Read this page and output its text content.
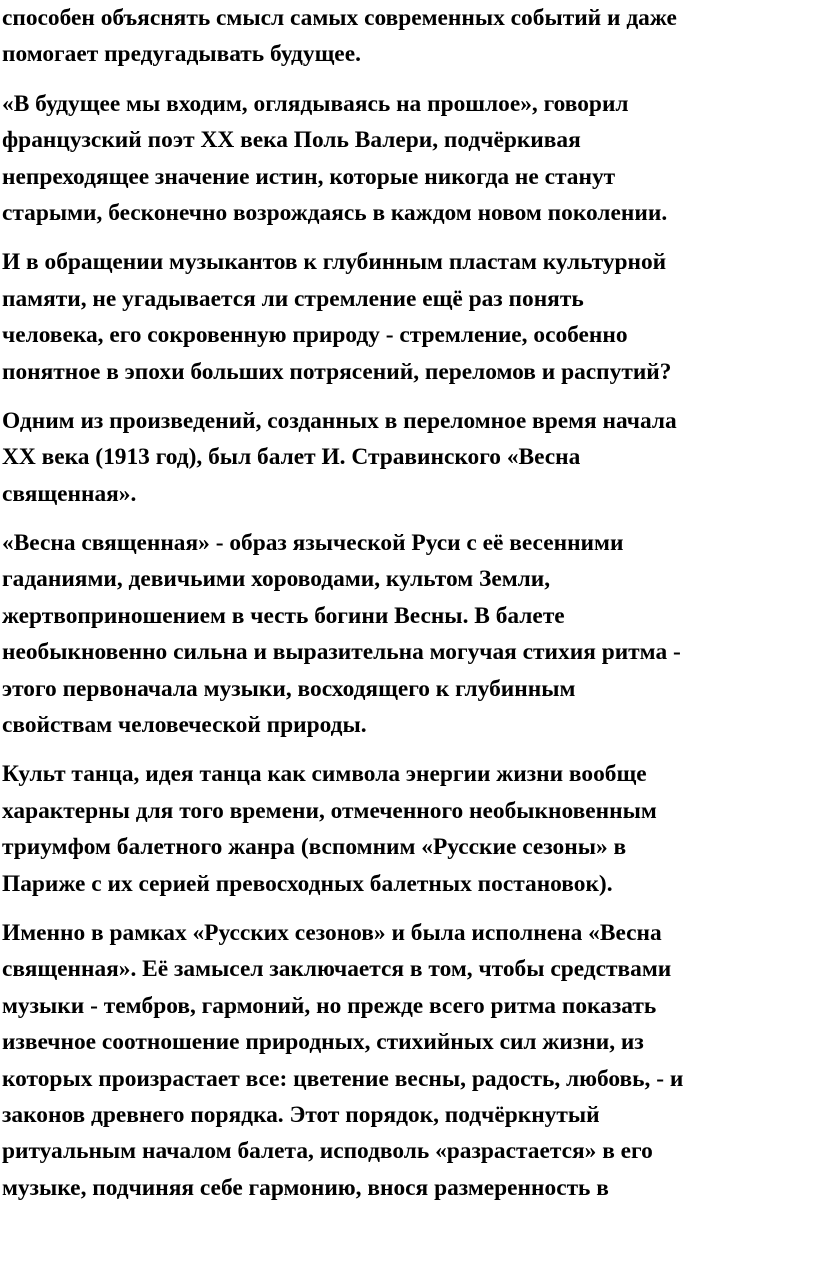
способен объяснять смысл самых современных событий и даже
помогает предугадывать будущее.

«В будущее мы входим, оглядываясь на прошлое», говорил
французский поэт XX века Поль Валери, подчёркивая
непреходящее значение истин, которые никогда не станут
старыми, бесконечно возрождаясь в каждом новом поколении.

И в обращении музыкантов к глубинным пластам культурной
памяти, не угадывается ли стремление ещё раз понять
человека, его сокровенную природу - стремление, особенно
понятное в эпохи больших потрясений, переломов и распутий?

Одним из произведений, созданных в переломное время начала
XX века (1913 год), был балет И. Стравинского «Весна
священная».

«Весна священная» - образ языческой Руси с её весенними
гаданиями, девичьими хороводами, культом Земли,
жертвоприношением в честь богини Весны. В балете
необыкновенно сильна и выразительна могучая стихия ритма -
этого первоначала музыки, восходящего к глубинным
свойствам человеческой природы.

Культ танца, идея танца как символа энергии жизни вообще
характерны для того времени, отмеченного необыкновенным
триумфом балетного жанра (вспомним «Русские сезоны» в
Париже с их серией превосходных балетных постановок).

Именно в рамках «Русских сезонов» и была исполнена «Весна
священная». Её замысел заключается в том, чтобы средствами
музыки - тембров, гармоний, но прежде всего ритма показать
извечное соотношение природных, стихийных сил жизни, из
которых произрастает все: цветение весны, радость, любовь, - и
законов древнего порядка. Этот порядок, подчёркнутый
ритуальным началом балета, исподволь «разрастается» в его
музыке, подчиняя себе гармонию, внося размеренность в
